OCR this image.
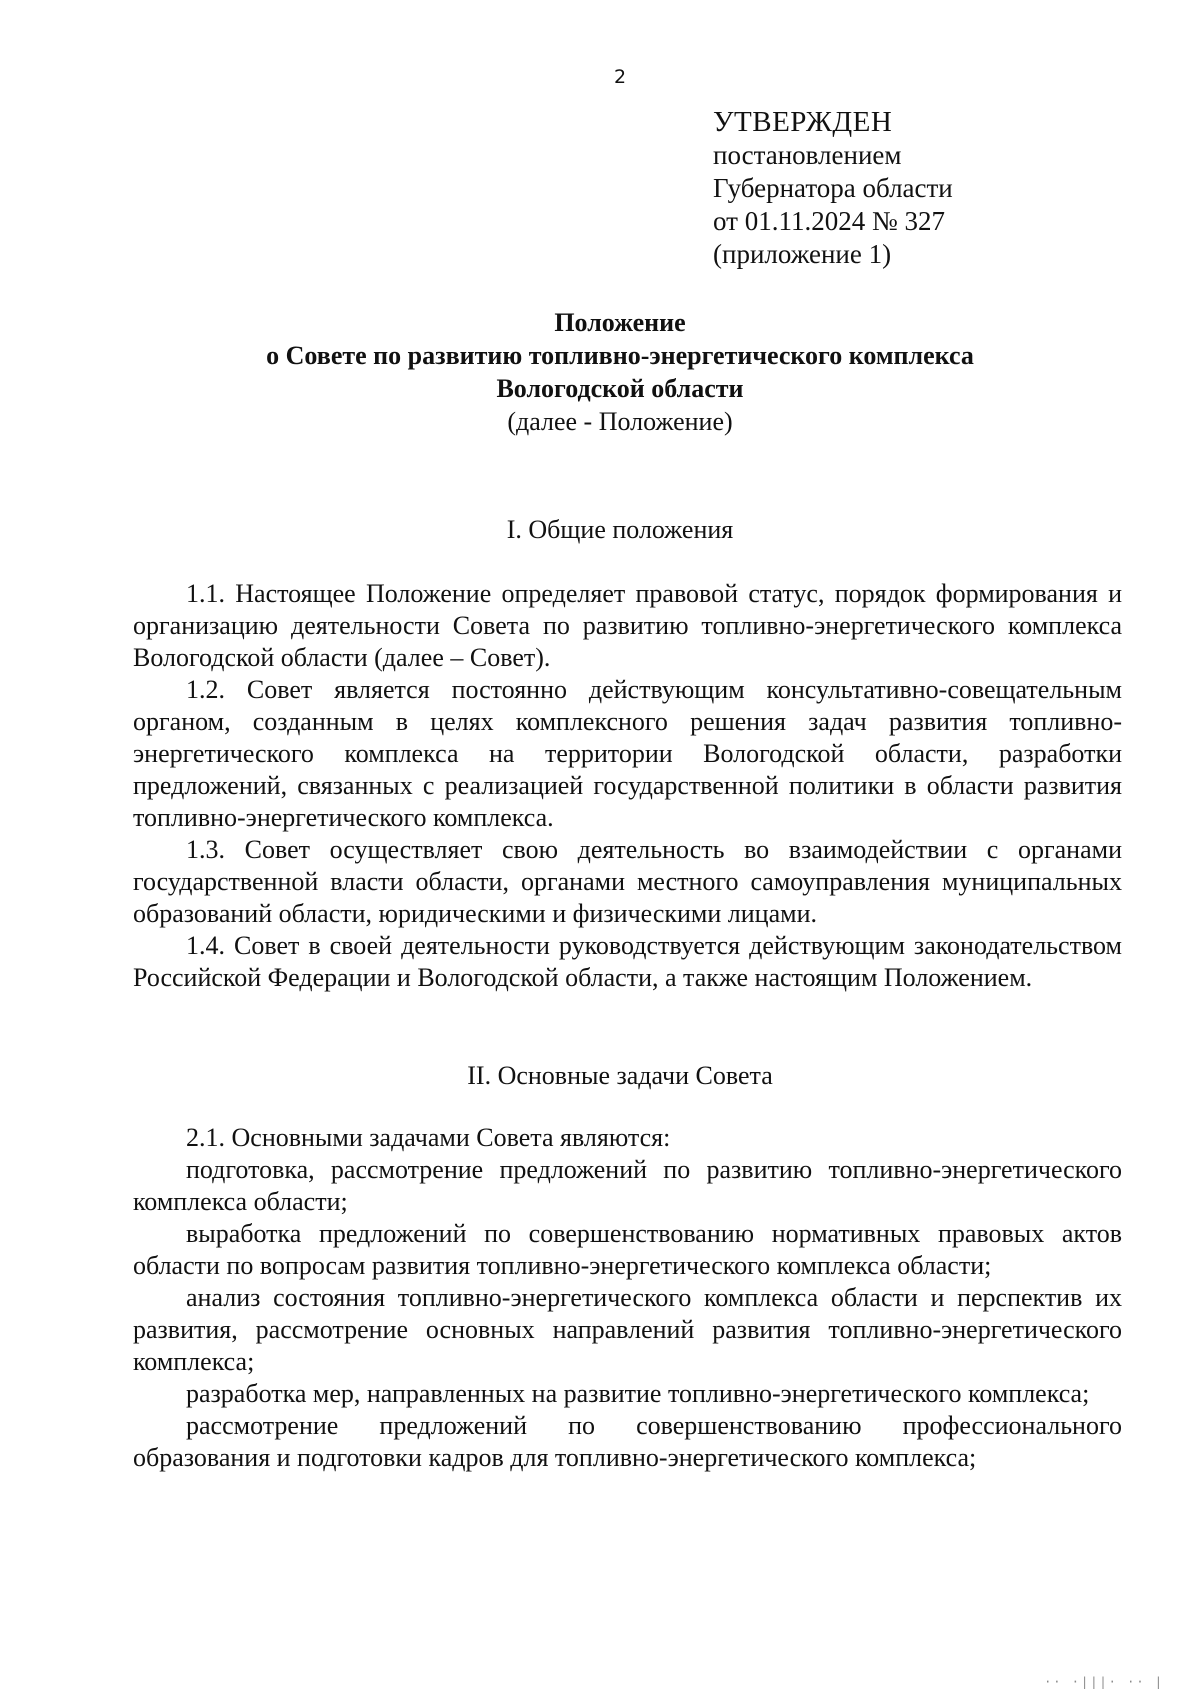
2
УТВЕРЖДЕН
постановлением
Губернатора области
от 01.11.2024 № 327
(приложение 1)
Положение
о Совете по развитию топливно-энергетического комплекса
Вологодской области
(далее - Положение)
I. Общие положения

1.1. Настоящее Положение определяет правовой статус, порядок формирования и организацию деятельности Совета по развитию топливно-энергетического комплекса Вологодской области (далее – Совет).

1.2. Совет является постоянно действующим консультативно-совещательным органом, созданным в целях комплексного решения задач развития топливно-энергетического комплекса на территории Вологодской области, разработки предложений, связанных с реализацией государственной политики в области развития топливно-энергетического комплекса.

1.3. Совет осуществляет свою деятельность во взаимодействии с органами государственной власти области, органами местного самоуправления муниципальных образований области, юридическими и физическими лицами.

1.4. Совет в своей деятельности руководствуется действующим законодательством Российской Федерации и Вологодской области, а также настоящим Положением.

II. Основные задачи Совета

2.1. Основными задачами Совета являются:

подготовка, рассмотрение предложений по развитию топливно-энергетического комплекса области;

выработка предложений по совершенствованию нормативных правовых актов области по вопросам развития топливно-энергетического комплекса области;

анализ состояния топливно-энергетического комплекса области и перспектив их развития, рассмотрение основных направлений развития топливно-энергетического комплекса;

разработка мер, направленных на развитие топливно-энергетического комплекса;

рассмотрение предложений по совершенствованию профессионального образования и подготовки кадров для топливно-энергетического комплекса;

·· ·|||· ·· |
